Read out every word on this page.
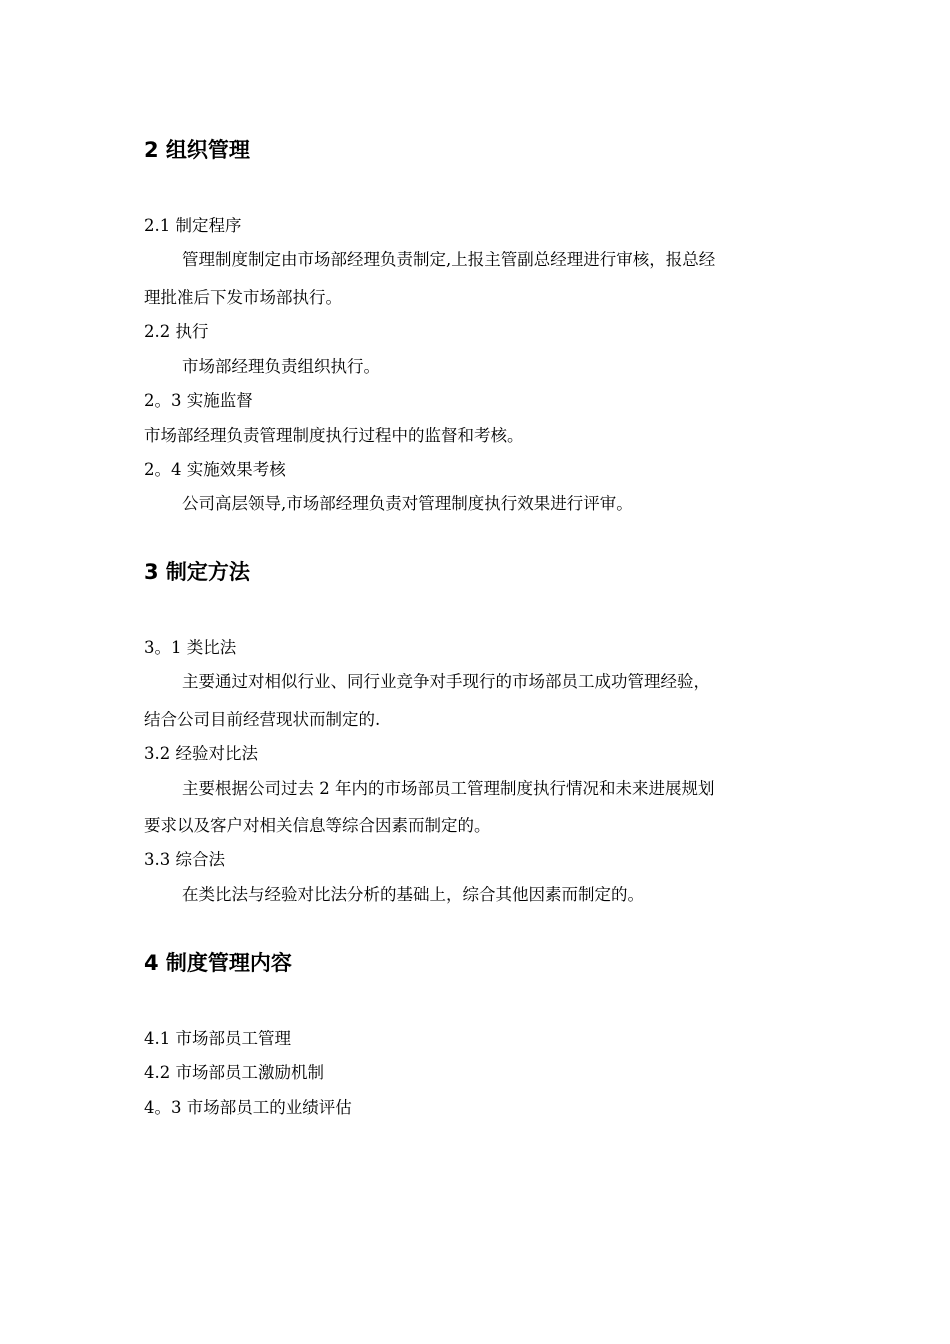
2 组织管理
2.1 制定程序
管理制度制定由市场部经理负责制定,上报主管副总经理进行审核，报总经
理批准后下发市场部执行。
2.2 执行
市场部经理负责组织执行。
2。3 实施监督
市场部经理负责管理制度执行过程中的监督和考核。
2。4 实施效果考核
公司高层领导,市场部经理负责对管理制度执行效果进行评审。
3 制定方法
3。1 类比法
主要通过对相似行业、同行业竞争对手现行的市场部员工成功管理经验，
结合公司目前经营现状而制定的.
3.2 经验对比法
主要根据公司过去 2 年内的市场部员工管理制度执行情况和未来进展规划
要求以及客户对相关信息等综合因素而制定的。
3.3 综合法
在类比法与经验对比法分析的基础上，综合其他因素而制定的。
4 制度管理内容
4.1 市场部员工管理
4.2 市场部员工激励机制
4。3 市场部员工的业绩评估
